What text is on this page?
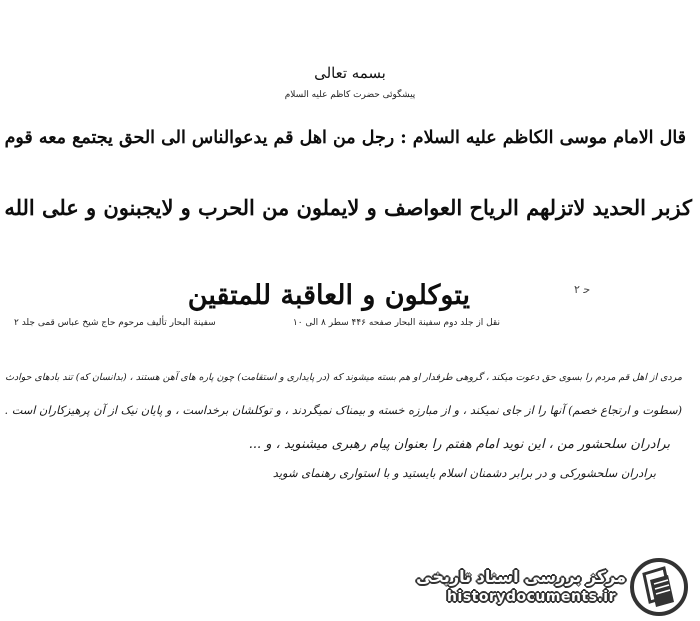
بسمه تعالی
پیشگوئی حضرت کاظم علیه السلام
قال الامام موسی الکاظم علیه السلام : رجل من اهل قم یدعوالناس الی الحق یجتمع معه قوم
کزبر الحدید لاتزلهم الریاح العواصف و لایملون من الحرب و لایجبنون و علی الله
یتوکلون و العاقبة للمتقین	ح‍ ۲
نقل از جلد دوم سفینة البحار صفحه ۴۴۶ سطر ۸ الی ۱۰
سفینة البحار تألیف مرحوم حاج شیخ عباس قمی جلد ۲
مردی از اهل قم مردم را بسوی حق دعوت میکند ، گروهی طرفدار او هم بسته میشوند که (در پایداری و استقامت) چون پاره های آهن هستند ، (بدانسان که) تند بادهای حوادث
(سطوت و ارتجاع خصم) آنها را از جای نمیکند ، و از مبارزه خسته و بیمناک نمیگردند ، و توکلشان برخداست ، و پایان نیک از آن پرهیزکاران است .
برادران سلحشور من ، این نوید امام هفتم را بعنوان پیام رهبری میشنوید ، و ...
برادران سلحشورکی و در برابر دشمنان اسلام بایستید و با استواری رهنمای شوید
مرکز بررسی اسناد تاریخی
historydocuments.ir
